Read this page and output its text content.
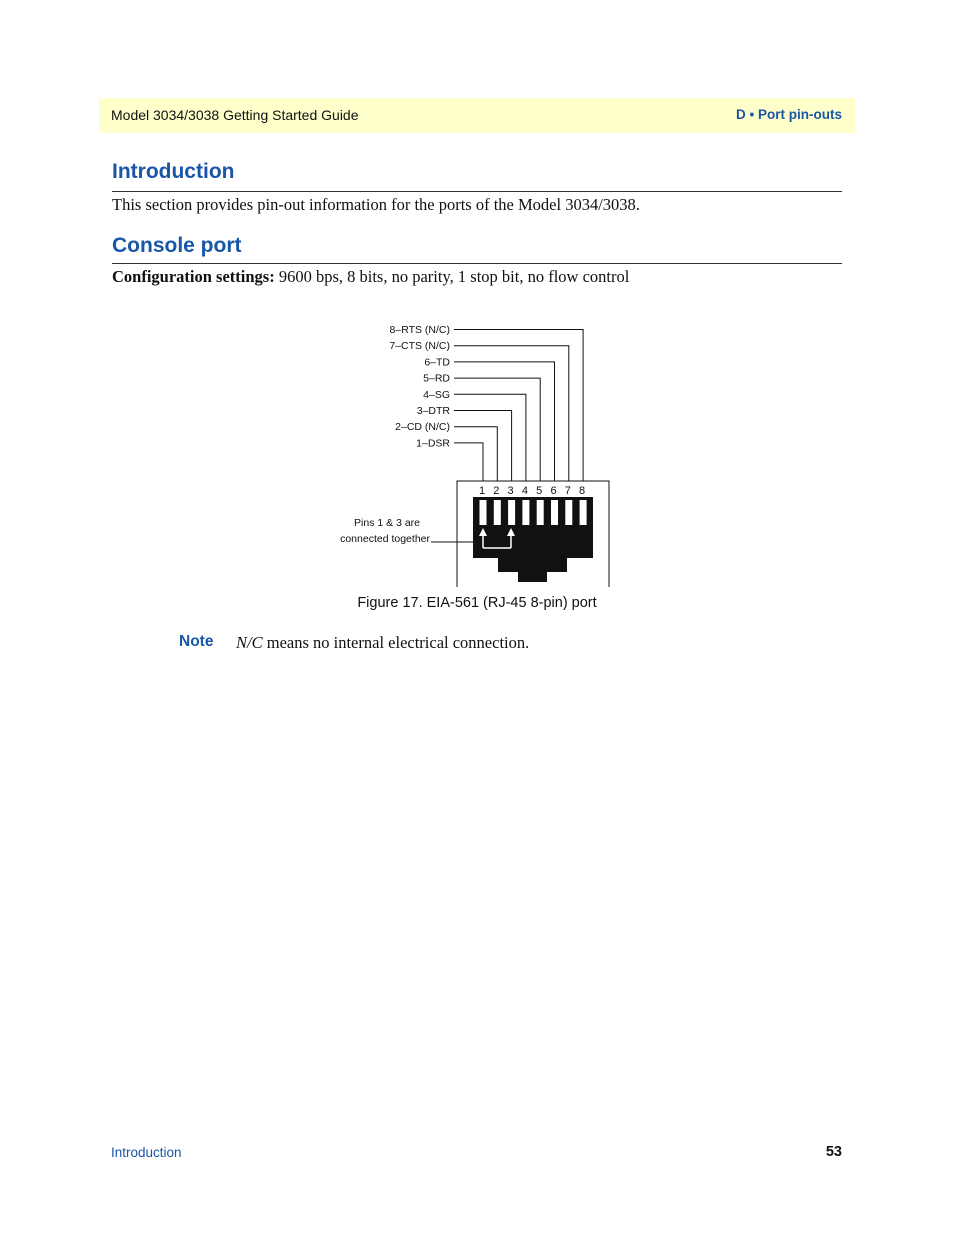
Model 3034/3038 Getting Started Guide	D • Port pin-outs
Introduction
This section provides pin-out information for the ports of the Model 3034/3038.
Console port
Configuration settings: 9600 bps, 8 bits, no parity, 1 stop bit, no flow control
8–RTS (N/C)
7–CTS (N/C)
6–TD
5–RD
4–SG
3–DTR
2–CD (N/C)
1–DSR
1 2 3 4 5 6 7 8
Pins 1 & 3 are
connected together
Figure 17. EIA-561 (RJ-45 8-pin) port
Note N/C means no internal electrical connection.
Introduction	53
